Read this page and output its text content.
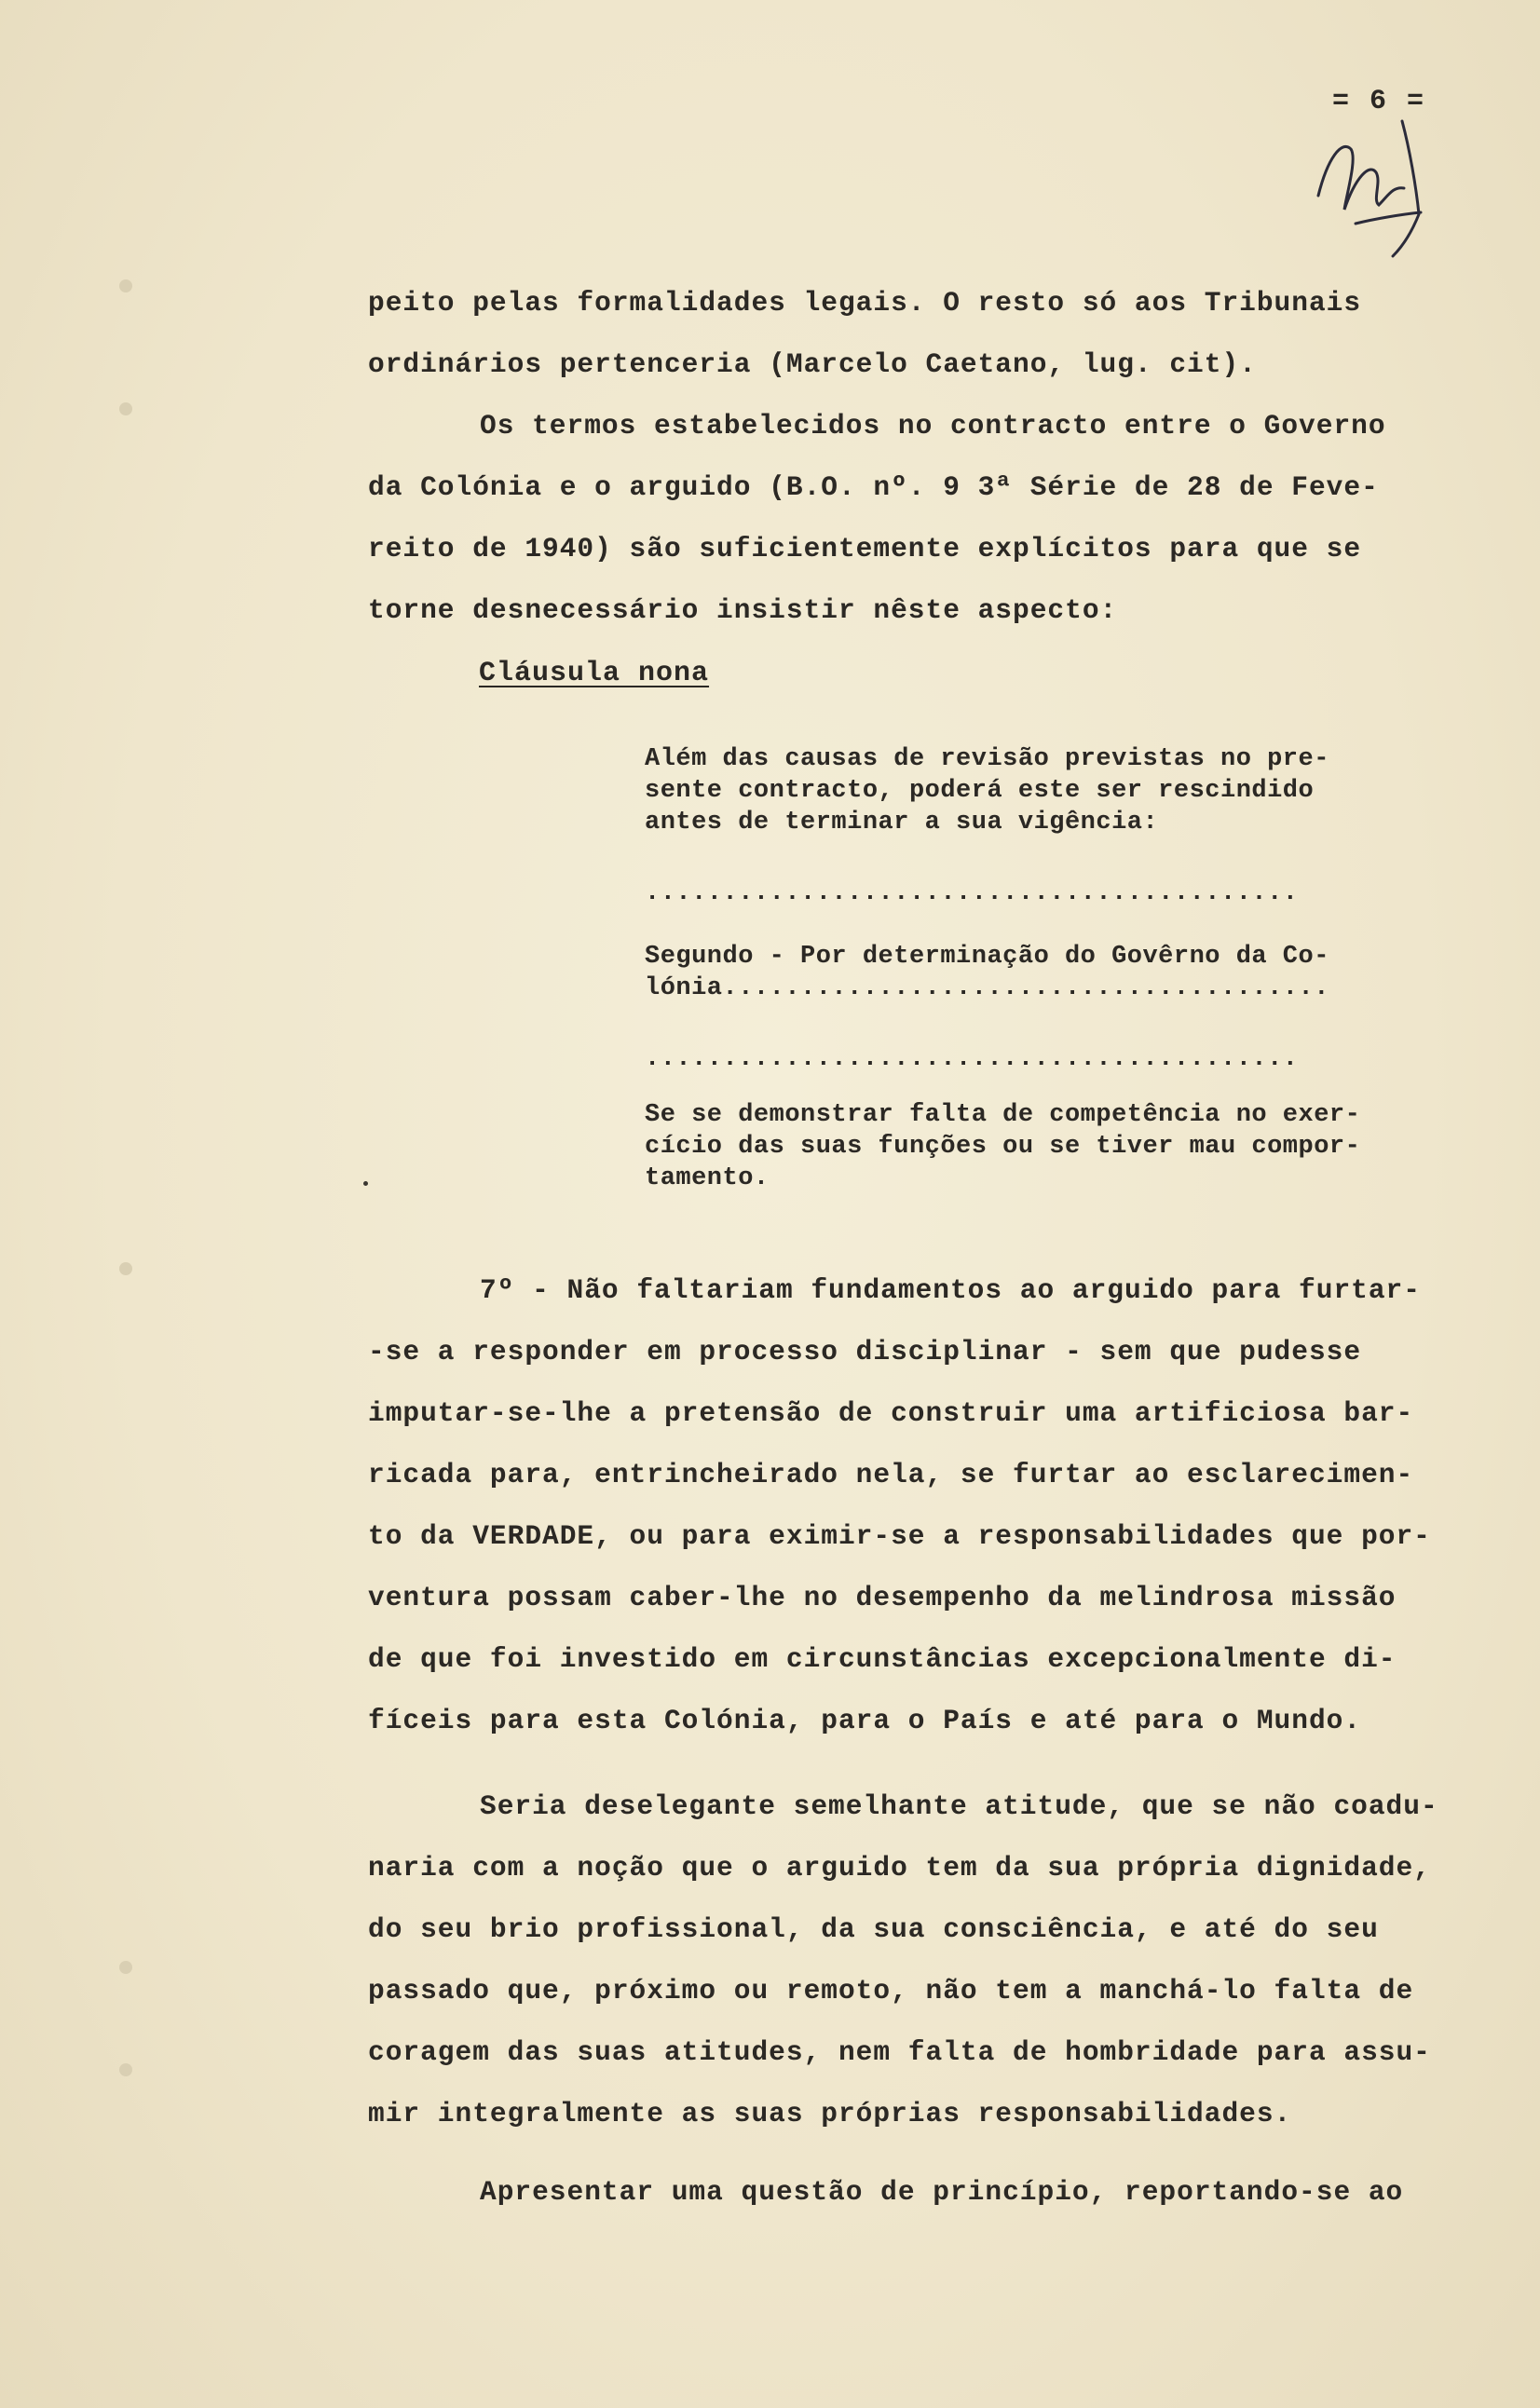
= 6 =
peito pelas formalidades legais. O resto só aos Tribunais
ordinários pertenceria (Marcelo Caetano, lug. cit).
Os termos estabelecidos no contracto entre o Governo
da Colónia e o arguido (B.O. nº. 9 3ª Série de 28 de Feve-
reito de 1940) são suficientemente explícitos para que se
torne desnecessário insistir nêste aspecto:
Cláusula nona
Além das causas de revisão previstas no pre-
sente contracto, poderá este ser rescindido
antes de terminar a sua vigência:
..........................................
Segundo - Por determinação do Govêrno da Co-
lónia.......................................
..........................................
Se se demonstrar falta de competência no exer-
cício das suas funções ou se tiver mau compor-
tamento.
7º - Não faltariam fundamentos ao arguido para furtar-
-se a responder em processo disciplinar - sem que pudesse
imputar-se-lhe a pretensão de construir uma artificiosa bar-
ricada para, entrincheirado nela, se furtar ao esclarecimen-
to da VERDADE, ou para eximir-se a responsabilidades que por-
ventura possam caber-lhe no desempenho da melindrosa missão
de que foi investido em circunstâncias excepcionalmente di-
fíceis para esta Colónia, para o País e até para o Mundo.
Seria deselegante semelhante atitude, que se não coadu-
naria com a noção que o arguido tem da sua própria dignidade,
do seu brio profissional, da sua consciência, e até do seu
passado que, próximo ou remoto, não tem a manchá-lo falta de
coragem das suas atitudes, nem falta de hombridade para assu-
mir integralmente as suas próprias responsabilidades.
Apresentar uma questão de princípio, reportando-se ao
